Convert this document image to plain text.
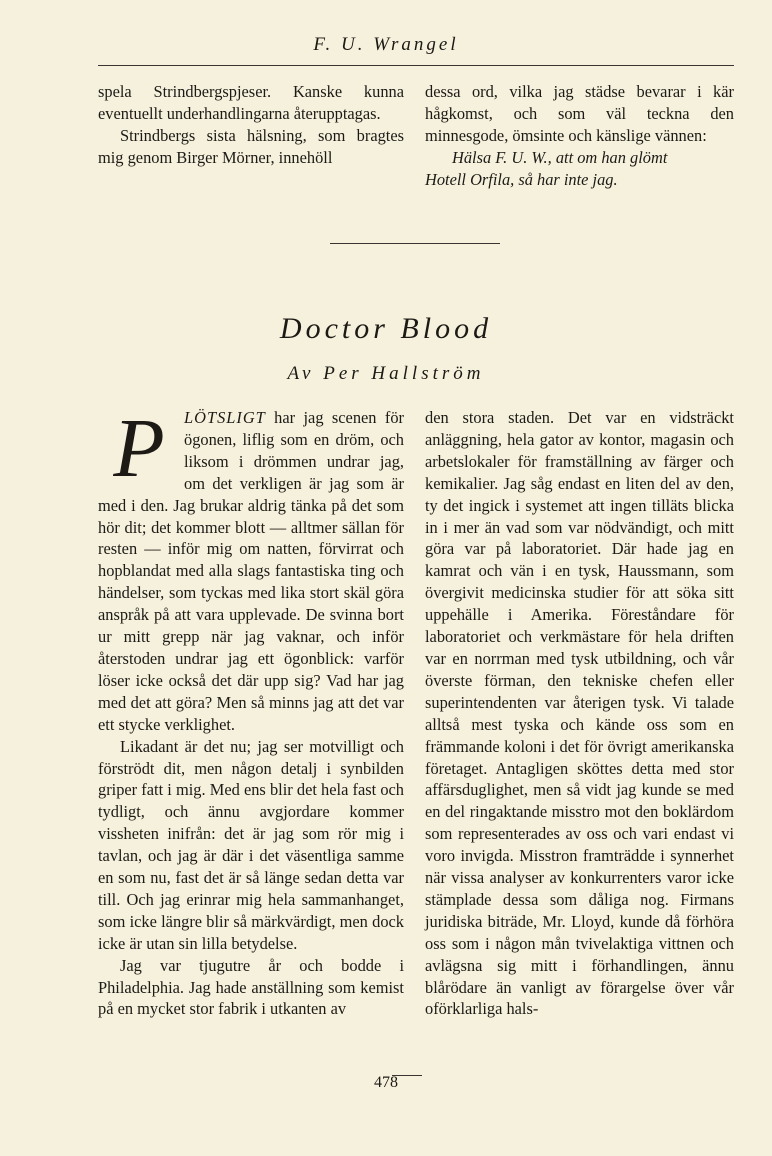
F. U. Wrangel

spela Strindbergspjeser. Kanske kunna eventuellt underhandlingarna återupptagas.

Strindbergs sista hälsning, som bragtes mig genom Birger Mörner, innehöll

dessa ord, vilka jag städse bevarar i kär hågkomst, och som väl teckna den minnesgode, ömsinte och känslige vännen:

Hälsa F. U. W., att om han glömt

Hotell Orfila, så har inte jag.

Doctor Blood
Av Per Hallström

P	LÖTSLIGT har jag scenen för ögonen, liflig som en dröm, och liksom i drömmen undrar jag, om det verkligen är jag som är med i den. Jag brukar aldrig tänka på det som hör dit; det kommer blott — alltmer sällan för resten — inför mig om natten, förvirrat och hopblandat med alla slags fantastiska ting och händelser, som tyckas med lika stort skäl göra anspråk på att vara upplevade. De svinna bort ur mitt grepp när jag vaknar, och inför återstoden undrar jag ett ögonblick: varför löser icke också det där upp sig? Vad har jag med det att göra? Men så minns jag att det var ett stycke verklighet.

Likadant är det nu; jag ser motvilligt och förströdt dit, men någon detalj i synbilden griper fatt i mig. Med ens blir det hela fast och tydligt, och ännu avgjordare kommer vissheten inifrån: det är jag som rör mig i tavlan, och jag är där i det väsentliga samme en som nu, fast det är så länge sedan detta var till. Och jag erinrar mig hela sammanhanget, som icke längre blir så märkvärdigt, men dock icke är utan sin lilla betydelse.

Jag var tjugutre år och bodde i Philadelphia. Jag hade anställning som kemist på en mycket stor fabrik i utkanten av

den stora staden. Det var en vidsträckt anläggning, hela gator av kontor, magasin och arbetslokaler för framställning av färger och kemikalier. Jag såg endast en liten del av den, ty det ingick i systemet att ingen tilläts blicka in i mer än vad som var nödvändigt, och mitt göra var på laboratoriet. Där hade jag en kamrat och vän i en tysk, Haussmann, som övergivit medicinska studier för att söka sitt uppehälle i Amerika. Föreståndare för laboratoriet och verkmästare för hela driften var en norrman med tysk utbildning, och vår överste förman, den tekniske chefen eller superintendenten var återigen tysk. Vi talade alltså mest tyska och kände oss som en främmande koloni i det för övrigt amerikanska företaget. Antagligen sköttes detta med stor affärsduglighet, men så vidt jag kunde se med en del ringaktande misstro mot den boklärdom som representerades av oss och vari endast vi voro invigda. Misstron framträdde i synnerhet när vissa analyser av konkurrenters varor icke stämplade dessa som dåliga nog. Firmans juridiska biträde, Mr. Lloyd, kunde då förhöra oss som i någon mån tvivelaktiga vittnen och avlägsna sig mitt i förhandlingen, ännu blårödare än vanligt av förargelse över vår oförklarliga hals-

478
